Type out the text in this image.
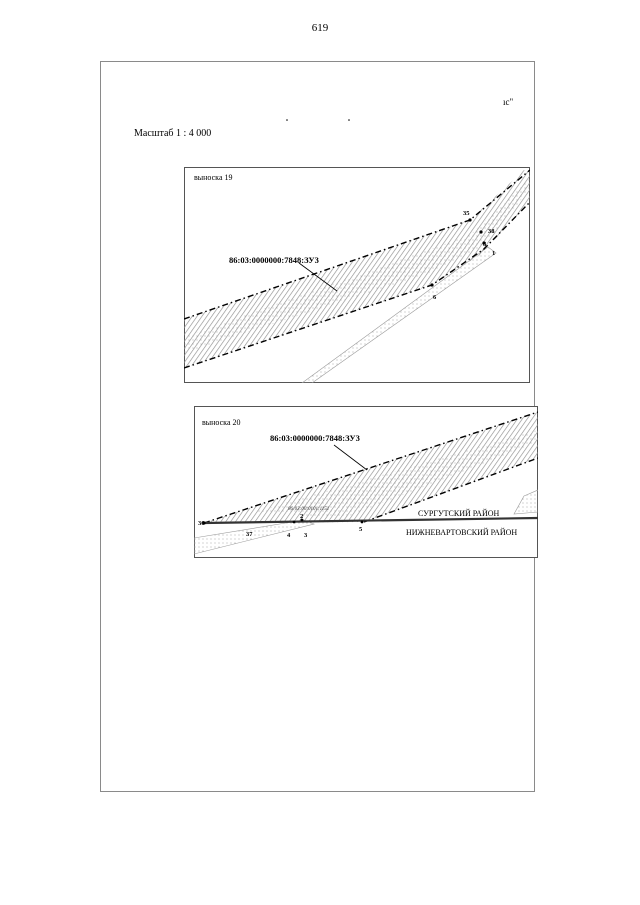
619
ıc"
Масштаб 1 : 4 000
выноска 19
86:03:0000000:7848:ЗУ3
35
38
8
1
6
выноска 20
86:03:0000000:7848:ЗУ3
86:03:00:0101:1151
36
37	4 3
2
5
СУРГУТСКИЙ РАЙОН
НИЖНЕВАРТОВСКИЙ РАЙОН
